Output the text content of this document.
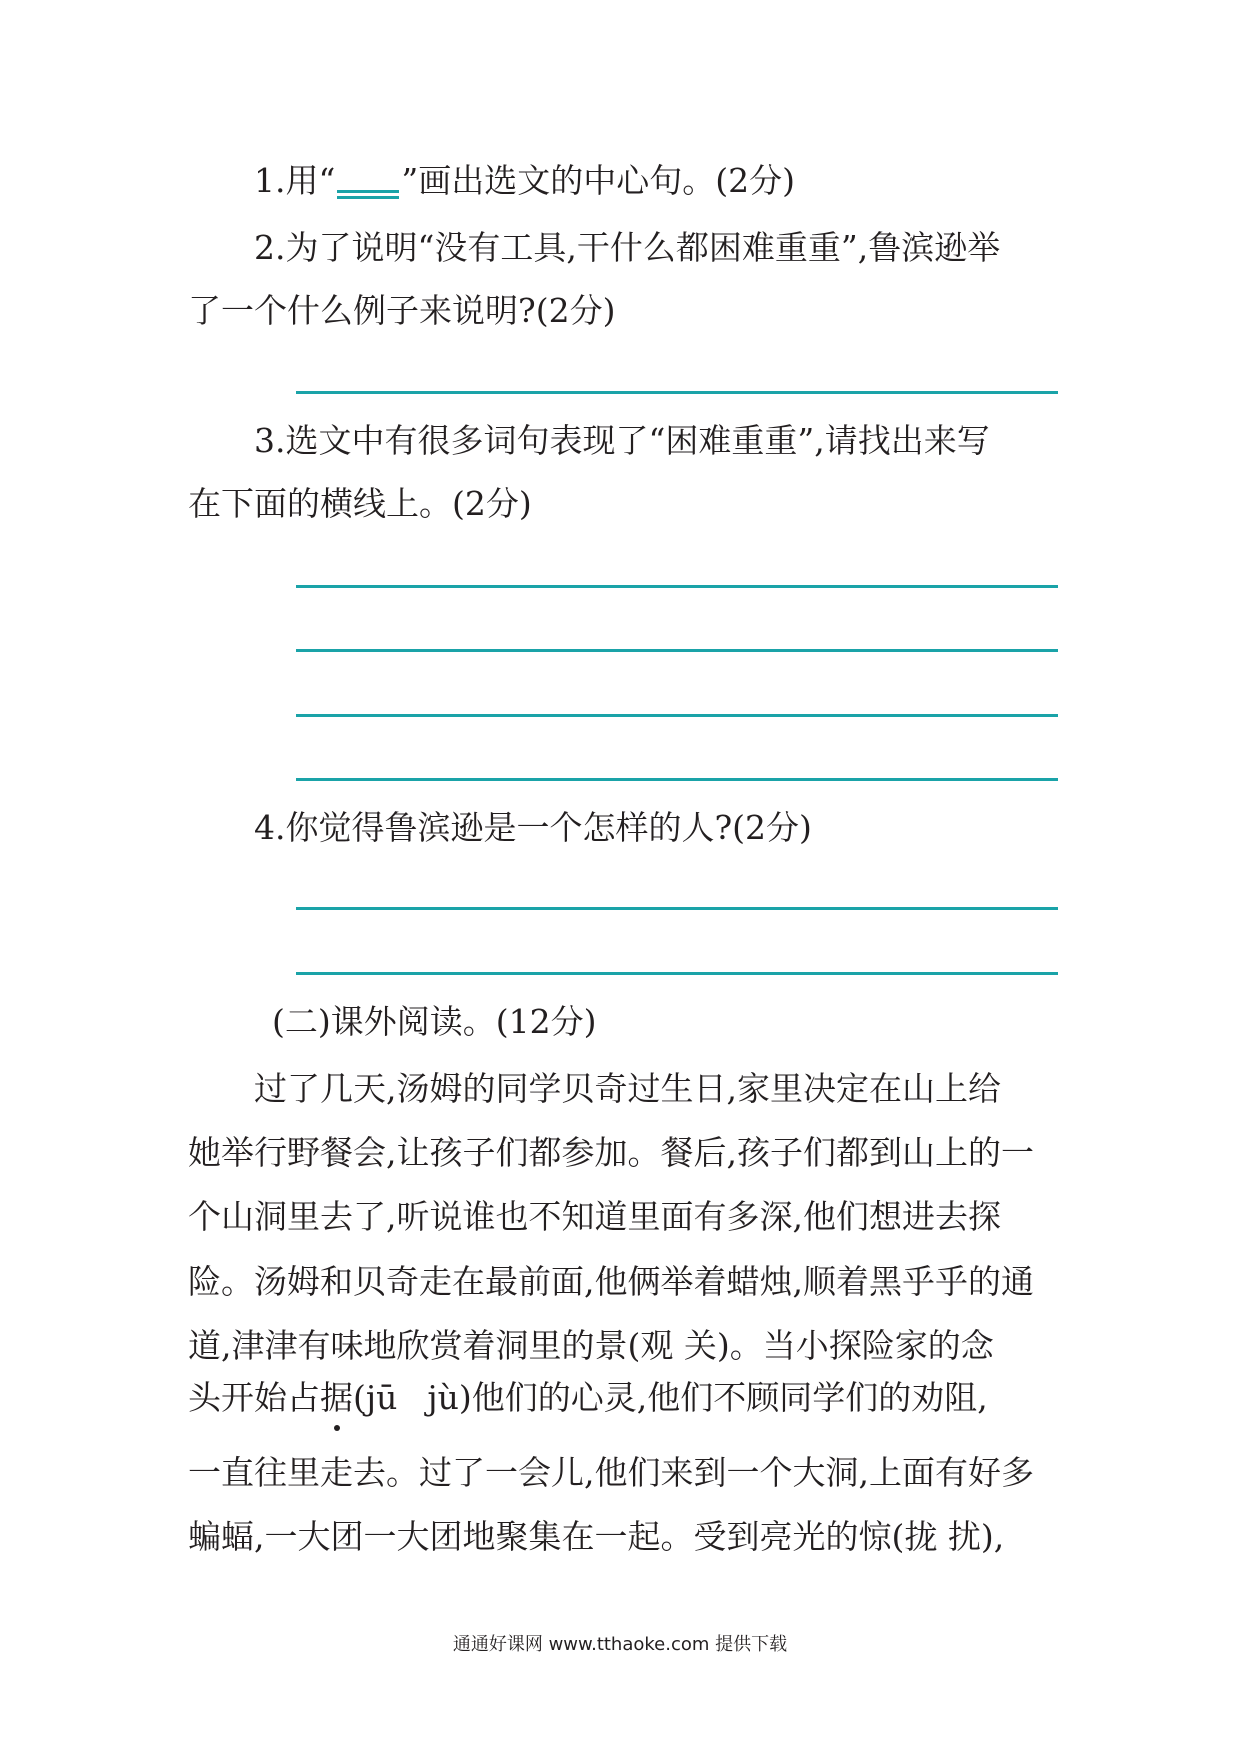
1.用“ ”画出选文的中心句。(2分)
2.为了说明“没有工具,干什么都困难重重”,鲁滨逊举
了一个什么例子来说明?(2分)
3.选文中有很多词句表现了“困难重重”,请找出来写
在下面的横线上。(2分)
4.你觉得鲁滨逊是一个怎样的人?(2分)
(二)课外阅读。(12分)
过了几天,汤姆的同学贝奇过生日,家里决定在山上给
她举行野餐会,让孩子们都参加。餐后,孩子们都到山上的一
个山洞里去了,听说谁也不知道里面有多深,他们想进去探
险。汤姆和贝奇走在最前面,他俩举着蜡烛,顺着黑乎乎的通
道,津津有味地欣赏着洞里的景(观 关)。当小探险家的念
头开始占据
(jū jù)他们的心灵,他们不顾同学们的劝阻,
一直往里走去。过了一会儿,他们来到一个大洞,上面有好多
蝙蝠,一大团一大团地聚集在一起。受到亮光的惊(拢 扰),
通通好课网 www.tthaoke.com 提供下载
